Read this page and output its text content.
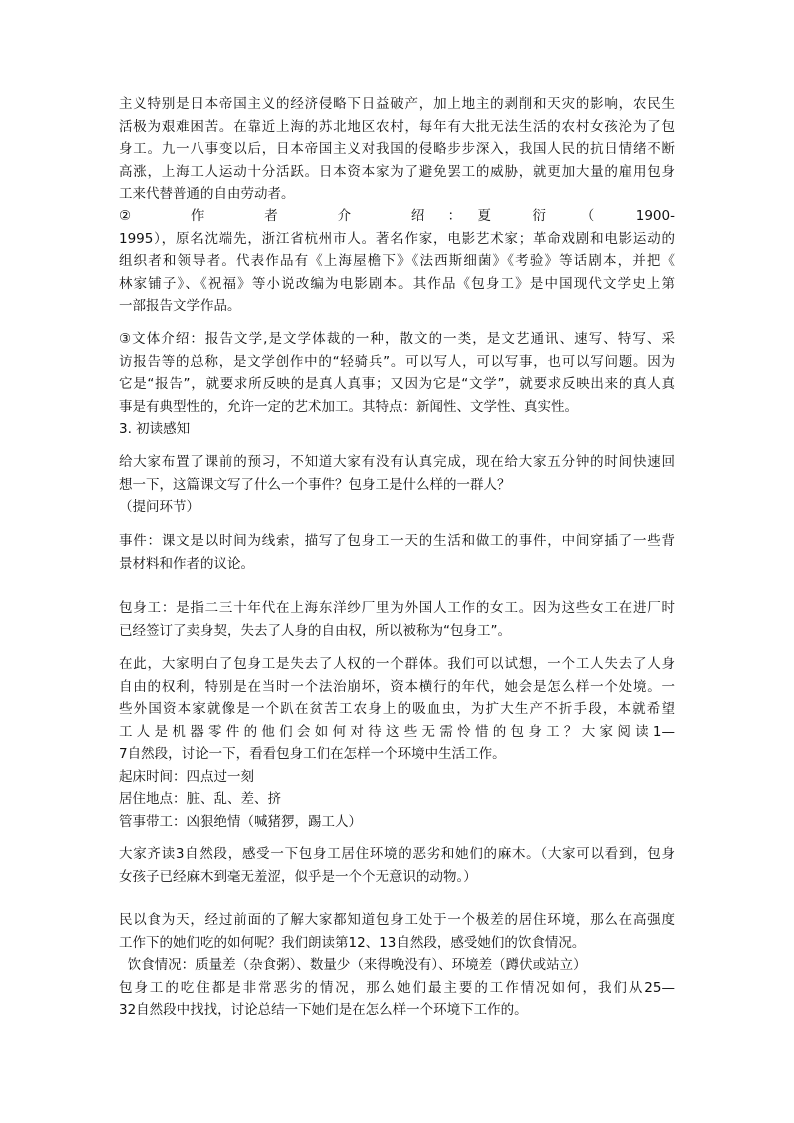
主义特别是日本帝国主义的经济侵略下日益破产，加上地主的剥削和天灾的影响，农民生
活极为艰难困苦。在靠近上海的苏北地区农村，每年有大批无法生活的农村女孩沦为了包
身工。九一八事变以后，日本帝国主义对我国的侵略步步深入，我国人民的抗日情绪不断
高涨，上海工人运动十分活跃。日本资本家为了避免罢工的威胁，就更加大量的雇用包身
工来代替普通的自由劳动者。
②　　　作　　　者　　　介　　　绍　：　夏　　衍　　（　　1900-
1995），原名沈端先，浙江省杭州市人。著名作家，电影艺术家；革命戏剧和电影运动的
组织者和领导者。代表作品有《上海屋檐下》《法西斯细菌》《考验》等话剧本，并把《
林家铺子》、《祝福》等小说改编为电影剧本。其作品《包身工》是中国现代文学史上第
一部报告文学作品。
③文体介绍：报告文学,是文学体裁的一种，散文的一类，是文艺通讯、速写、特写、采
访报告等的总称，是文学创作中的“轻骑兵”。可以写人，可以写事，也可以写问题。因为
它是“报告”，就要求所反映的是真人真事；又因为它是“文学”，就要求反映出来的真人真
事是有典型性的，允许一定的艺术加工。其特点：新闻性、文学性、真实性。
3. 初读感知
给大家布置了课前的预习，不知道大家有没有认真完成，现在给大家五分钟的时间快速回
想一下，这篇课文写了什么一个事件？包身工是什么样的一群人？
（提问环节）
事件：课文是以时间为线索，描写了包身工一天的生活和做工的事件，中间穿插了一些背
景材料和作者的议论。
包身工：是指二三十年代在上海东洋纱厂里为外国人工作的女工。因为这些女工在进厂时
已经签订了卖身契，失去了人身的自由权，所以被称为“包身工”。
在此，大家明白了包身工是失去了人权的一个群体。我们可以试想，一个工人失去了人身
自由的权利，特别是在当时一个法治崩坏，资本横行的年代，她会是怎么样一个处境。一
些外国资本家就像是一个趴在贫苦工农身上的吸血虫，为扩大生产不折手段，本就希望
工 人 是 机 器 零 件 的 他 们 会 如 何 对 待 这 些 无 需 怜 惜 的 包 身 工 ？ 大 家 阅 读 1—
7自然段，讨论一下，看看包身工们在怎样一个环境中生活工作。
起床时间：四点过一刻
居住地点：脏、乱、差、挤
管事带工：凶狠绝情（喊猪猡，踢工人）
大家齐读3自然段，感受一下包身工居住环境的恶劣和她们的麻木。（大家可以看到，包身
女孩子已经麻木到毫无羞涩，似乎是一个个无意识的动物。）
民以食为天，经过前面的了解大家都知道包身工处于一个极差的居住环境，那么在高强度
工作下的她们吃的如何呢？我们朗读第12、13自然段，感受她们的饮食情况。
饮食情况：质量差（杂食粥）、数量少（来得晚没有）、环境差（蹲伏或站立）
包身工的吃住都是非常恶劣的情况，那么她们最主要的工作情况如何，我们从25—
32自然段中找找，讨论总结一下她们是在怎么样一个环境下工作的。
